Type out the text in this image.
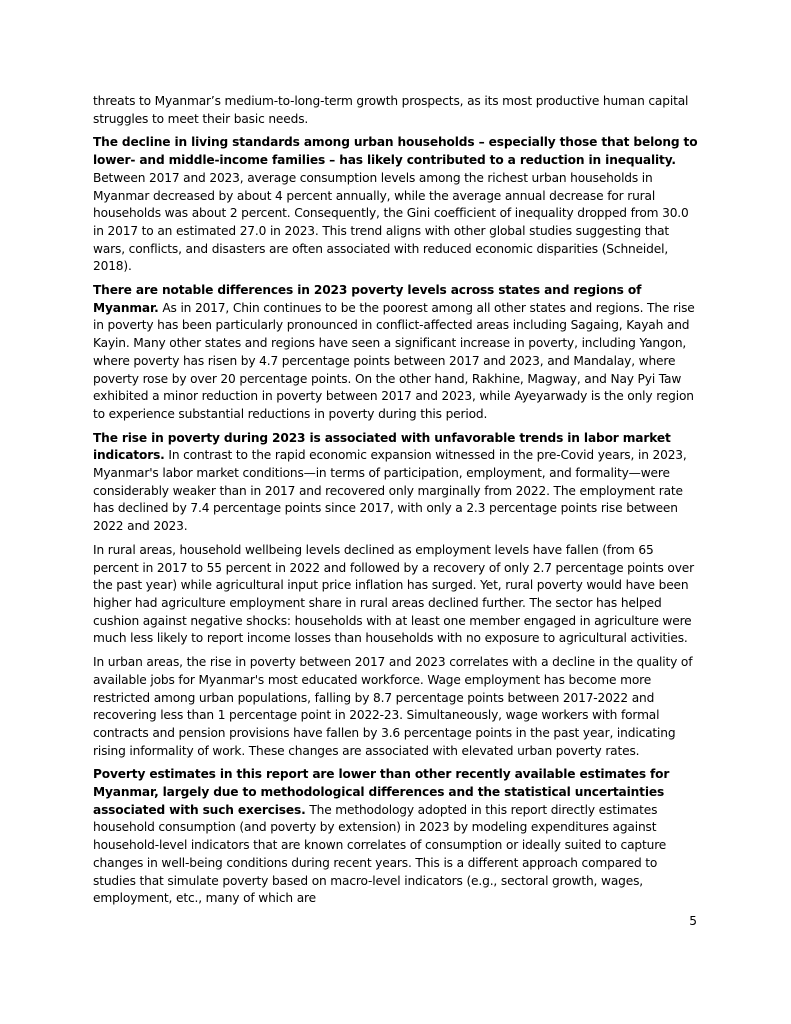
threats to Myanmar’s medium-to-long-term growth prospects, as its most productive human capital struggles to meet their basic needs.

The decline in living standards among urban households – especially those that belong to lower- and middle-income families – has likely contributed to a reduction in inequality. Between 2017 and 2023, average consumption levels among the richest urban households in Myanmar decreased by about 4 percent annually, while the average annual decrease for rural households was about 2 percent. Consequently, the Gini coefficient of inequality dropped from 30.0 in 2017 to an estimated 27.0 in 2023. This trend aligns with other global studies suggesting that wars, conflicts, and disasters are often associated with reduced economic disparities (Schneidel, 2018).

There are notable differences in 2023 poverty levels across states and regions of Myanmar. As in 2017, Chin continues to be the poorest among all other states and regions. The rise in poverty has been particularly pronounced in conflict-affected areas including Sagaing, Kayah and Kayin. Many other states and regions have seen a significant increase in poverty, including Yangon, where poverty has risen by 4.7 percentage points between 2017 and 2023, and Mandalay, where poverty rose by over 20 percentage points. On the other hand, Rakhine, Magway, and Nay Pyi Taw exhibited a minor reduction in poverty between 2017 and 2023, while Ayeyarwady is the only region to experience substantial reductions in poverty during this period.

The rise in poverty during 2023 is associated with unfavorable trends in labor market indicators. In contrast to the rapid economic expansion witnessed in the pre-Covid years, in 2023, Myanmar's labor market conditions—in terms of participation, employment, and formality—were considerably weaker than in 2017 and recovered only marginally from 2022. The employment rate has declined by 7.4 percentage points since 2017, with only a 2.3 percentage points rise between 2022 and 2023.

In rural areas, household wellbeing levels declined as employment levels have fallen (from 65 percent in 2017 to 55 percent in 2022 and followed by a recovery of only 2.7 percentage points over the past year) while agricultural input price inflation has surged. Yet, rural poverty would have been higher had agriculture employment share in rural areas declined further. The sector has helped cushion against negative shocks: households with at least one member engaged in agriculture were much less likely to report income losses than households with no exposure to agricultural activities.

In urban areas, the rise in poverty between 2017 and 2023 correlates with a decline in the quality of available jobs for Myanmar's most educated workforce. Wage employment has become more restricted among urban populations, falling by 8.7 percentage points between 2017-2022 and recovering less than 1 percentage point in 2022-23. Simultaneously, wage workers with formal contracts and pension provisions have fallen by 3.6 percentage points in the past year, indicating rising informality of work. These changes are associated with elevated urban poverty rates.

Poverty estimates in this report are lower than other recently available estimates for Myanmar, largely due to methodological differences and the statistical uncertainties associated with such exercises. The methodology adopted in this report directly estimates household consumption (and poverty by extension) in 2023 by modeling expenditures against household-level indicators that are known correlates of consumption or ideally suited to capture changes in well-being conditions during recent years. This is a different approach compared to studies that simulate poverty based on macro-level indicators (e.g., sectoral growth, wages, employment, etc., many of which are

5
